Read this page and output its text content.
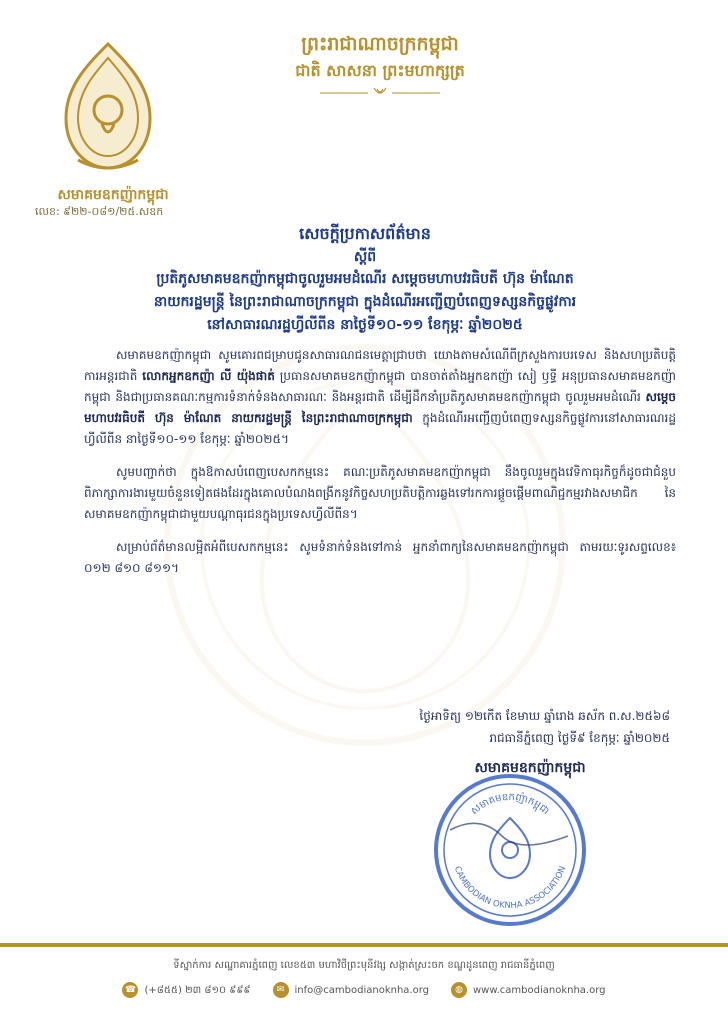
ព្រះរាជាណាចក្រកម្ពុជា
ជាតិ សាសនា ព្រះមហាក្សត្រ
សមាគមឧកញ៉ាកម្ពុជា
លេខ: ៩២២-០៨១/២៥.សឧក
សេចក្តីប្រកាសព័ត៌មាន
ស្តីពី
ប្រតិភូសមាគមឧកញ៉ាកម្ពុជាចូលរួមអមដំណើរ សម្តេចមហាបវរធិបតី ហ៊ុន ម៉ាណែត
នាយករដ្ឋមន្ត្រី នៃព្រះរាជាណាចក្រកម្ពុជា ក្នុងដំណើរអញ្ជើញបំពេញទស្សនកិច្ចផ្លូវការ
នៅសាធារណរដ្ឋហ្វីលីពីន នាថ្ងៃទី១០-១១ ខែកុម្ភៈ ឆ្នាំ២០២៥

សមាគមឧកញ៉ាកម្ពុជា សូមគោរពជម្រាបជូនសាធារណជនមេត្តាជ្រាបថា យោងតាមសំណើពីក្រសួងការបរទេស និងសហប្រតិបត្តិការអន្តរជាតិ លោកអ្នកឧកញ៉ា លី យ៉ុងផាត់ ប្រធានសមាគមឧកញ៉ាកម្ពុជា បានចាត់តាំងអ្នកឧកញ៉ា សៀ ឫទ្ធី អនុប្រធានសមាគមឧកញ៉ាកម្ពុជា និងជាប្រធានគណៈកម្មការទំនាក់ទំនងសាធារណៈ និងអន្តរជាតិ ដើម្បីដឹកនាំប្រតិភូសមាគមឧកញ៉ាកម្ពុជា ចូលរួមអមដំណើរ សម្តេចមហាបវរធិបតី ហ៊ុន ម៉ាណែត នាយករដ្ឋមន្ត្រី នៃព្រះរាជាណាចក្រកម្ពុជា ក្នុងដំណើរអញ្ជើញបំពេញទស្សនកិច្ចផ្លូវការនៅសាធារណរដ្ឋហ្វីលីពីន នាថ្ងៃទី១០-១១ ខែកុម្ភៈ ឆ្នាំ២០២៥។

សូមបញ្ជាក់ថា ក្នុងឱកាសបំពេញបេសកកម្មនេះ គណៈប្រតិភូសមាគមឧកញ៉ាកម្ពុជា នឹងចូលរួមក្នុងវេទិកាធុរកិច្ចក៏ដូចជាជំនួបពិភាក្សាការងារមួយចំនួនទៀតផងដែរក្នុងគោលបំណងពង្រីកនូវកិច្ចសហប្រតិបត្តិការឆ្លងទៅរកការផ្តួចផ្តើមពាណិជ្ជកម្មរវាងសមាជិក នៃសមាគមឧកញ៉ាកម្ពុជាជាមួយបណ្តាធុរជនក្នុងប្រទេសហ្វីលីពីន។

សម្រាប់ព័ត៌មានលម្អិតអំពីបេសកកម្មនេះ សូមទំនាក់ទំនងទៅកាន់ អ្នកនាំពាក្យនៃសមាគមឧកញ៉ាកម្ពុជា តាមរយៈទូរសព្ទលេខ៖ ០១២ ៨១០ ៨១១។

ថ្ងៃអាទិត្យ ១២កើត ខែមាឃ ឆ្នាំរោង ឆស័ក ព.ស.២៥៦៨
រាជធានីភ្នំពេញ ថ្ងៃទី៩ ខែកុម្ភៈ ឆ្នាំ២០២៥
សមាគមឧកញ៉ាកម្ពុជា
សមាគមឧកញ៉ាកម្ពុជា
CAMBODIAN OKNHA ASSOCIATION
ទីស្នាក់ការ សណ្ឋាគារភ្នំពេញ លេខ៥៣ មហាវិថីព្រះមុនីវង្ស សង្កាត់ស្រះចក ខណ្ឌដូនពេញ រាជធានីភ្នំពេញ
☎ (+៨៥៥) ២៣ ៨១០ ៩៩៩	✉	info@cambodianoknha.org	◍	www.cambodianoknha.org
